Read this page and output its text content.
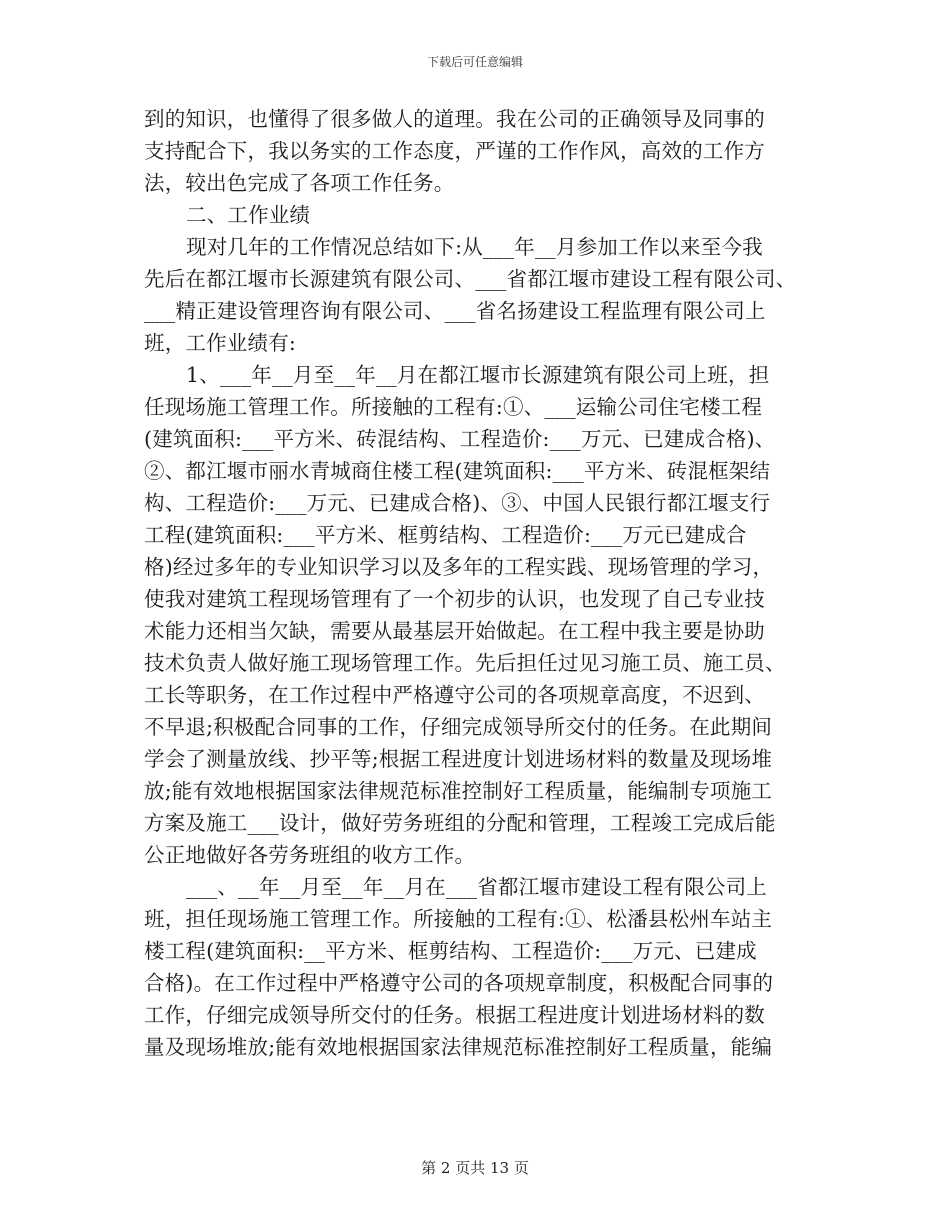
下载后可任意编辑
到的知识，也懂得了很多做人的道理。我在公司的正确领导及同事的
支持配合下，我以务实的工作态度，严谨的工作作风，高效的工作方
法，较出色完成了各项工作任务。
二、工作业绩
现对几年的工作情况总结如下:从___年__月参加工作以来至今我
先后在都江堰市长源建筑有限公司、___省都江堰市建设工程有限公司、
___精正建设管理咨询有限公司、___省名扬建设工程监理有限公司上
班，工作业绩有:
1、___年__月至__年__月在都江堰市长源建筑有限公司上班，担
任现场施工管理工作。所接触的工程有:①、___运输公司住宅楼工程
(建筑面积:___平方米、砖混结构、工程造价:___万元、已建成合格)、
②、都江堰市丽水青城商住楼工程(建筑面积:___平方米、砖混框架结
构、工程造价:___万元、已建成合格)、③、中国人民银行都江堰支行
工程(建筑面积:___平方米、框剪结构、工程造价:___万元已建成合
格)经过多年的专业知识学习以及多年的工程实践、现场管理的学习，
使我对建筑工程现场管理有了一个初步的认识，也发现了自己专业技
术能力还相当欠缺，需要从最基层开始做起。在工程中我主要是协助
技术负责人做好施工现场管理工作。先后担任过见习施工员、施工员、
工长等职务，在工作过程中严格遵守公司的各项规章高度，不迟到、
不早退;积极配合同事的工作，仔细完成领导所交付的任务。在此期间
学会了测量放线、抄平等;根据工程进度计划进场材料的数量及现场堆
放;能有效地根据国家法律规范标准控制好工程质量，能编制专项施工
方案及施工___设计，做好劳务班组的分配和管理，工程竣工完成后能
公正地做好各劳务班组的收方工作。
___、__年__月至__年__月在___省都江堰市建设工程有限公司上
班，担任现场施工管理工作。所接触的工程有:①、松潘县松州车站主
楼工程(建筑面积:__平方米、框剪结构、工程造价:___万元、已建成
合格)。在工作过程中严格遵守公司的各项规章制度，积极配合同事的
工作，仔细完成领导所交付的任务。根据工程进度计划进场材料的数
量及现场堆放;能有效地根据国家法律规范标准控制好工程质量，能编
第 2 页共 13 页
